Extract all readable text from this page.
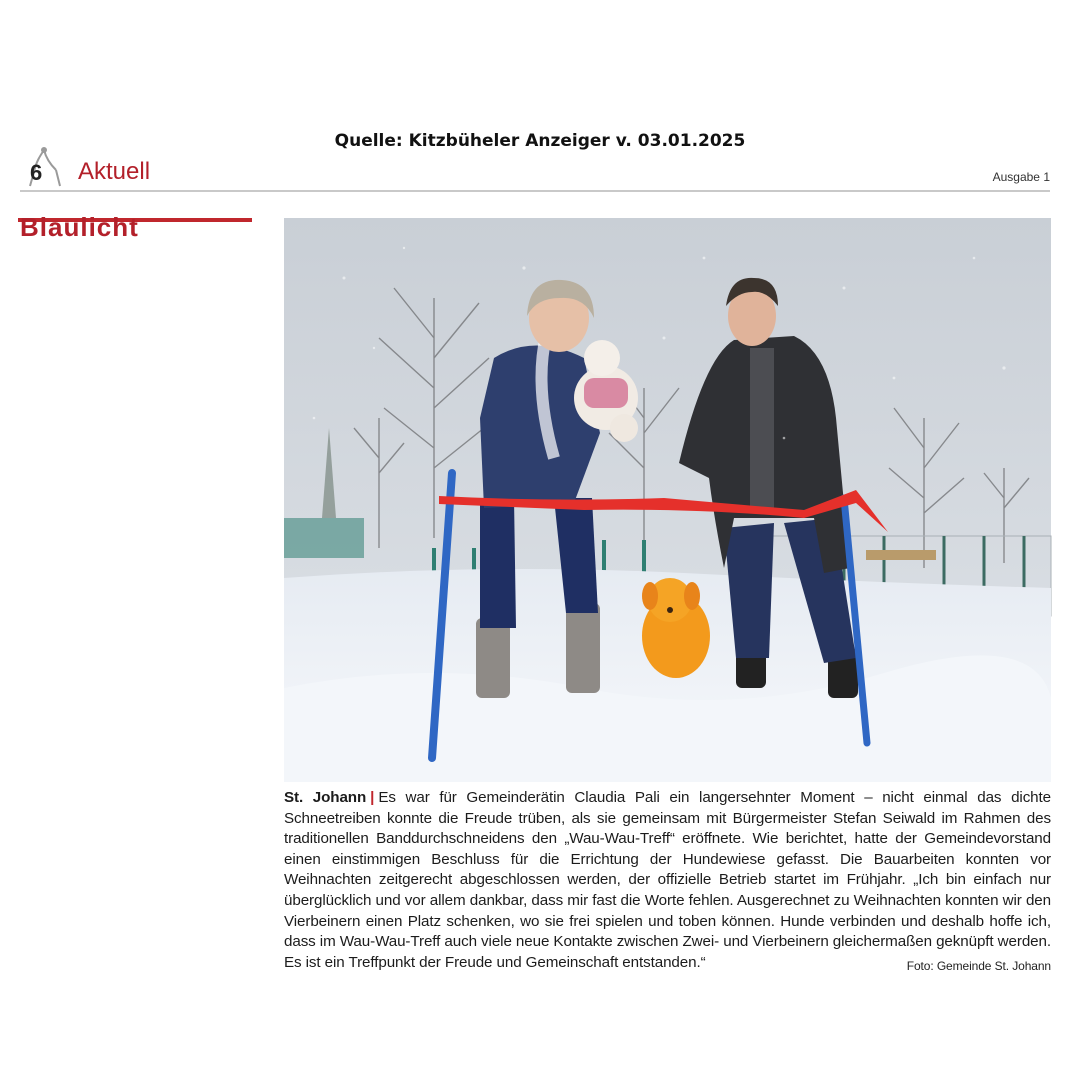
Quelle: Kitzbüheler Anzeiger v. 03.01.2025
6 Aktuell	Ausgabe 1
Blaulicht
St. Johann | Es war für Gemeinderätin Claudia Pali ein langersehnter Moment – nicht einmal das dichte Schneetreiben konnte die Freude trüben, als sie gemeinsam mit Bürgermeister Stefan Seiwald im Rahmen des traditionellen Banddurchschneidens den „Wau-Wau-Treff“ eröffnete. Wie berichtet, hatte der Gemeindevorstand einen einstimmigen Beschluss für die Errichtung der Hundewiese gefasst. Die Bauarbeiten konnten vor Weihnachten zeitgerecht abgeschlossen werden, der offizielle Betrieb startet im Frühjahr. „Ich bin einfach nur überglücklich und vor allem dankbar, dass mir fast die Worte fehlen. Ausgerechnet zu Weihnachten konnten wir den Vierbeinern einen Platz schenken, wo sie frei spielen und toben können. Hunde verbinden und deshalb hoffe ich, dass im Wau-Wau-Treff auch viele neue Kontakte zwischen Zwei- und Vierbeinern gleichermaßen geknüpft werden. Es ist ein Treffpunkt der Freude und Gemeinschaft entstanden.“	Foto: Gemeinde St. Johann
